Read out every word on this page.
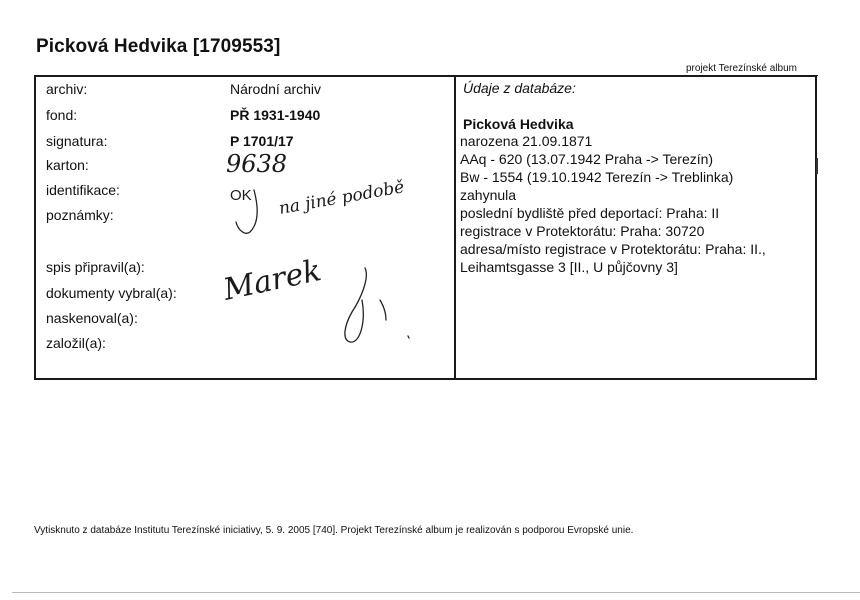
Picková Hedvika [1709553]
projekt Terezínské album
archiv:
fond:
signatura:
karton:
identifikace:
poznámky:
spis připravil(a):
dokumenty vybral(a):
naskenoval(a):
založil(a):
Národní archiv
PŘ 1931-1940
P 1701/17
9638
OK na jiné podobě
Marek
Údaje z databáze:
Picková Hedvika
narozena 21.09.1871
AAq - 620 (13.07.1942 Praha -> Terezín)
Bw - 1554 (19.10.1942 Terezín -> Treblinka)
zahynula
poslední bydliště před deportací: Praha: II
registrace v Protektorátu: Praha: 30720
adresa/místo registrace v Protektorátu: Praha: II.,
Leihamtsgasse 3 [II., U půjčovny 3]
Vytisknuto z databáze Institutu Terezínské iniciativy, 5. 9. 2005 [740]. Projekt Terezínské album je realizován s podporou Evropské unie.
